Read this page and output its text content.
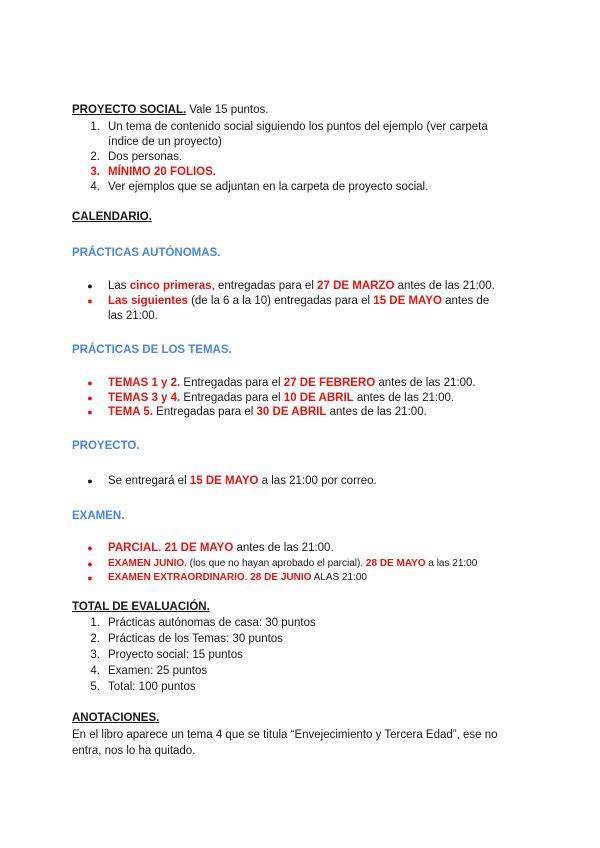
PROYECTO SOCIAL. Vale 15 puntos.
1. Un tema de contenido social siguiendo los puntos del ejemplo (ver carpeta
índice de un proyecto)
2. Dos personas.
3. MÍNIMO 20 FOLIOS.
4. Ver ejemplos que se adjuntan en la carpeta de proyecto social.
CALENDARIO.
PRÁCTICAS AUTÓNOMAS.
●	Las cinco primeras, entregadas para el 27 DE MARZO antes de las 21:00.
●	Las siguientes (de la 6 a la 10) entregadas para el 15 DE MAYO antes de
las 21:00.
PRÁCTICAS DE LOS TEMAS.
●	TEMAS 1 y 2. Entregadas para el 27 DE FEBRERO antes de las 21:00.
●	TEMAS 3 y 4. Entregadas para el 10 DE ABRIL antes de las 21:00.
●	TEMA 5. Entregadas para el 30 DE ABRIL antes de las 21:00.
PROYECTO.
●	Se entregará el 15 DE MAYO a las 21:00 por correo.
EXAMEN.
●	PARCIAL. 21 DE MAYO antes de las 21:00.
●	EXAMEN JUNIO. (los que no hayan aprobado el parcial). 28 DE MAYO a las 21:00
●	EXAMEN EXTRAORDINARIO. 28 DE JUNIO ALAS 21:00
TOTAL DE EVALUACIÓN.
1. Prácticas autónomas de casa: 30 puntos
2. Prácticas de los Temas: 30 puntos
3. Proyecto social: 15 puntos
4. Examen: 25 puntos
5. Total: 100 puntos
ANOTACIONES.
En el libro aparece un tema 4 que se titula “Envejecimiento y Tercera Edad”, ese no
entra, nos lo ha quitado.
